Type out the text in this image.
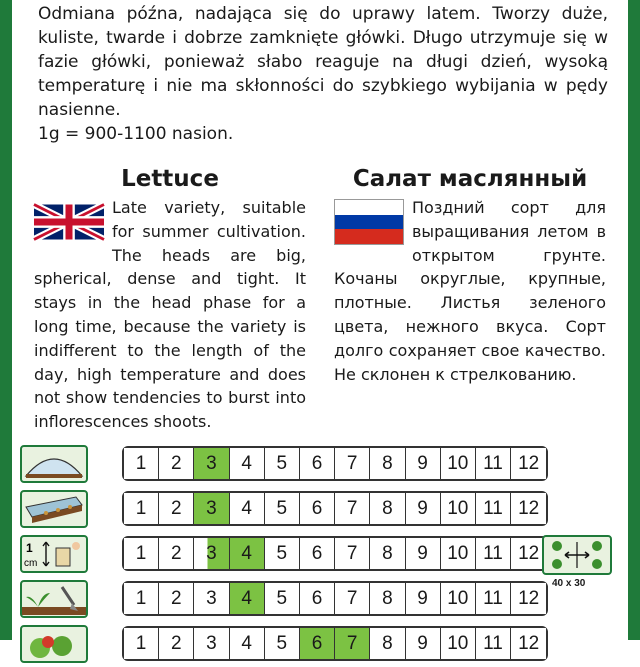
Odmiana późna, nadająca się do uprawy latem. Tworzy duże, kuliste, twarde i dobrze zamknięte główki. Długo utrzymuje się w fazie główki, ponieważ słabo reaguje na długi dzień, wysoką temperaturę i nie ma skłonności do szybkiego wybijania w pędy nasienne.

1g = 900-1100 nasion.

Lettuce
Late variety, suitable for summer cultivation. The heads are big, spherical, dense and tight. It stays in the head phase for a long time, because the variety is indifferent to the length of the day, high temperature and does not show tendencies to burst into inflorescences shoots.
Салат маслянный
Поздний сорт для выращивания летом в открытом грунте. Кочаны округлые, крупные, плотные. Листья зеленого цвета, нежного вкуса. Сорт долго сохраняет свое качество. Не склонен к стрелкованию.
1	2	3	4	5	6	7	8	9	10 11 12
1	2	3	4	5	6	7	8	9	10 11 12
1
cm	1	2	3	4	5	6	7	8	9	10 11 12
1	2	3	4	5	6	7	8	9	10 11 12
1	2	3	4	5	6	7	8	9	10 11 12
40 x 30
